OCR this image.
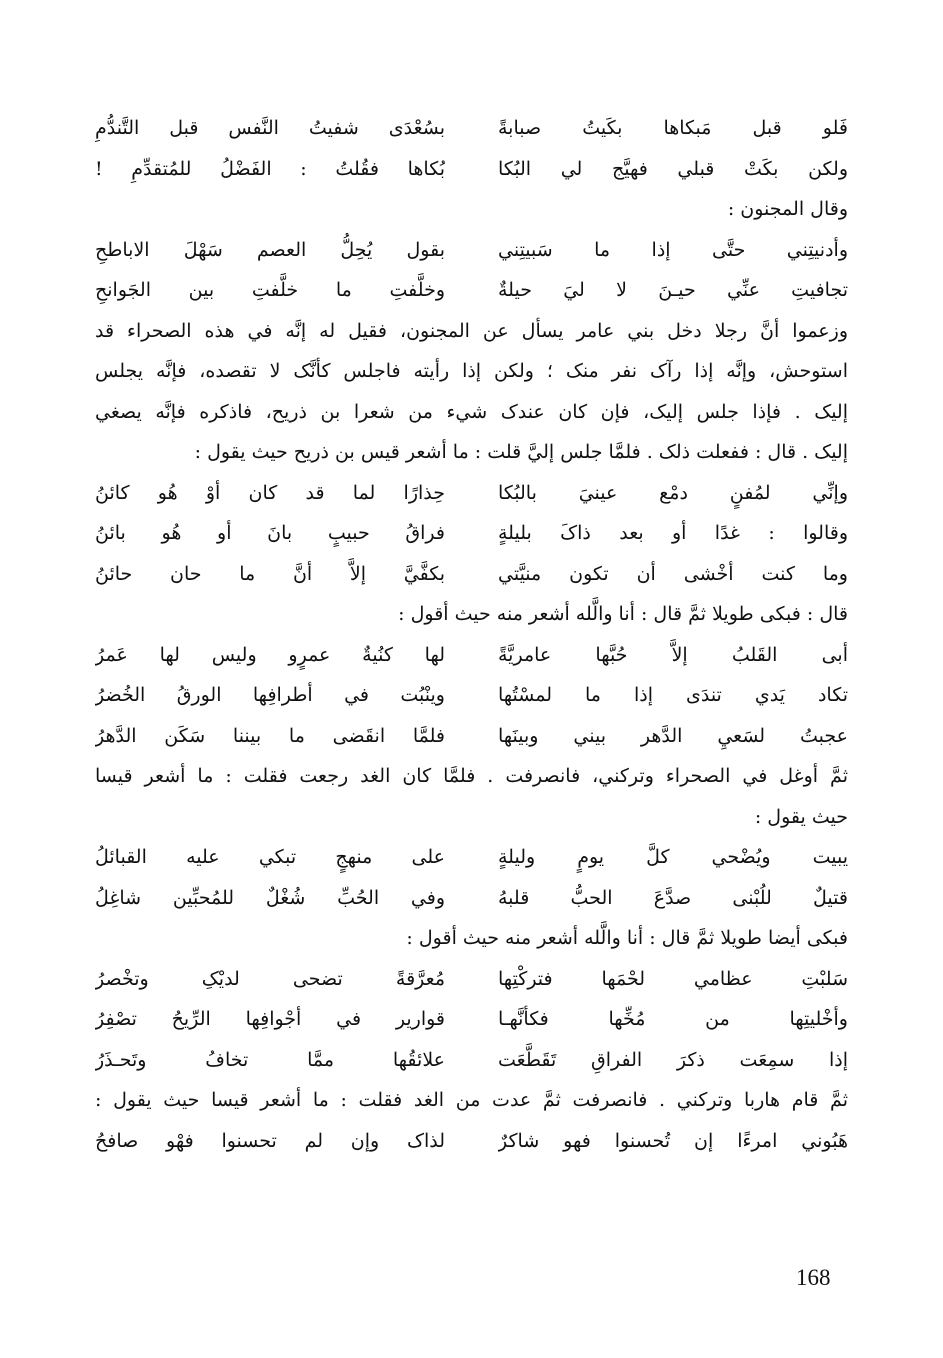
فَلو قبل مَبكاها بكَيتُ صبابةً
بسُعْدَى شفيتُ النَّفس قبل التَّندُّمِ
ولكن بكَتْ قبلي فهيَّج لي البُكا
بُكاها فقُلتُ : الفَضْلُ للمُتقدِّمِ !
وقال المجنون :
وأدنيتِني حتَّى إذا ما سَبيتِني
بقول يُحِلُّ العصم سَهْلَ الاباطحِ
تجافيتِ عنِّي حيـنَ لا ليَ حيلةٌ
وخلَّفتِ ما خلَّفتِ بين الجَوانحِ
وزعموا أنَّ رجلا دخل بني عامر يسأل عن المجنون، فقيل له إنَّه في هذه الصحراء قد
استوحش، وإنَّه إذا رآک نفر منک ؛ ولکن إذا رأيته فاجلس کأنَّک لا تقصده، فإنَّه يجلس
إليک . فإذا جلس إليک، فإن کان عندک شيء من شعرا بن ذريح، فاذکره فإنَّه يصغي
إليک . قال : ففعلت ذلک . فلمَّا جلس إليَّ قلت : ما أشعر قيس بن ذريح حيث يقول :
وإنِّي لمُفنٍ دمْع عينيَ بالبُكا
حِذارًا لما قد كان أوْ هُو كائنُ
وقالوا : غدًا أو بعد ذاکَ بليلةٍ
فراقُ حبيبٍ بانَ أو هُو بائنُ
وما کنت أخْشى أن تكون منيَّتي
بكفَّيَّ إلاَّ أنَّ ما حان حائنُ
قال : فبکی طويلا ثمَّ قال : أنا والَّله أشعر منه حيث أقول :
أبى القَلبُ إلاَّ حُبَّها عامريَّةً
لها كنُيةٌ عمرٍو وليس لها عَمرُ
تکاد يَدي تندَى إذا ما لمسْتُها
وينْبُت في أطرافِها الورقُ الخُضرُ
عجبتُ لسَعيِ الدَّهر بيني وبينَها
فلمَّا انقَضى ما بيننا سَكَن الدَّهرُ
ثمَّ أوغل في الصحراء وترکني، فانصرفت . فلمَّا کان الغد رجعت فقلت : ما أشعر قيسا
حيث يقول :
يبيت ويُضْحي كلَّ يومٍ وليلةٍ
على منهجٍ تبکي عليه القبائلُ
قتيلٌ للُبْنى صدَّعَ الحبُّ قلبهُ
وفي الحُبِّ شُغْلٌ للمُحبِّين شاغِلُ
فبکی أيضا طويلا ثمَّ قال : أنا والَّله أشعر منه حيث أقول :
سَلبْتِ عظامي لحْمَها فترکْتِها
مُعرَّقةً تضحى لديْکِ وتخْصرُ
وأخْليتِها من مُخِّها فكأنَّهـا
قوارير في أجْوافِها الرِّيحُ تصْفِرُ
إذا سمِعَت ذکرَ الفراقِ تَقَطَّعَت
علائقُها ممَّا تخافُ وتَحـذَرُ
ثمَّ قام هاربا وترکني . فانصرفت ثمَّ عدت من الغد فقلت : ما أشعر قيسا حيث يقول :
هَبُوني امرءًا إن تُحسنوا فهو شاكرٌ
لذاک وإن لم تحسنوا فهْو صافحُ
168
